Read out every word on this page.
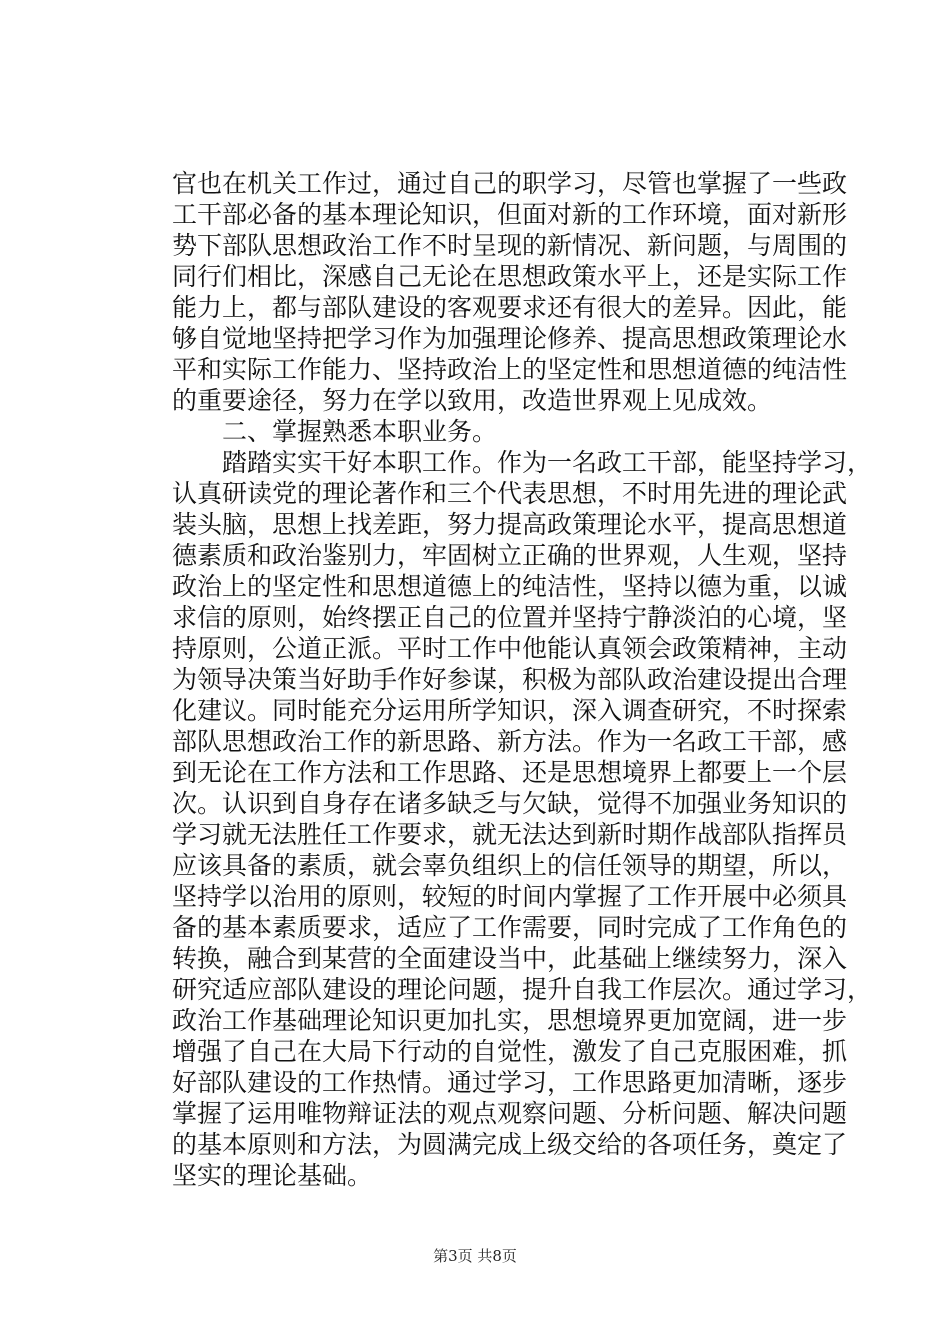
官也在机关工作过，通过自己的职学习，尽管也掌握了一些政
工干部必备的基本理论知识，但面对新的工作环境，面对新形
势下部队思想政治工作不时呈现的新情况、新问题，与周围的
同行们相比，深感自己无论在思想政策水平上，还是实际工作
能力上，都与部队建设的客观要求还有很大的差异。因此，能
够自觉地坚持把学习作为加强理论修养、提高思想政策理论水
平和实际工作能力、坚持政治上的坚定性和思想道德的纯洁性
的重要途径，努力在学以致用，改造世界观上见成效。
　　二、掌握熟悉本职业务。
　　踏踏实实干好本职工作。作为一名政工干部，能坚持学习，
认真研读党的理论著作和三个代表思想，不时用先进的理论武
装头脑，思想上找差距，努力提高政策理论水平，提高思想道
德素质和政治鉴别力，牢固树立正确的世界观，人生观，坚持
政治上的坚定性和思想道德上的纯洁性，坚持以德为重，以诚
求信的原则，始终摆正自己的位置并坚持宁静淡泊的心境，坚
持原则，公道正派。平时工作中他能认真领会政策精神，主动
为领导决策当好助手作好参谋，积极为部队政治建设提出合理
化建议。同时能充分运用所学知识，深入调查研究，不时探索
部队思想政治工作的新思路、新方法。作为一名政工干部，感
到无论在工作方法和工作思路、还是思想境界上都要上一个层
次。认识到自身存在诸多缺乏与欠缺，觉得不加强业务知识的
学习就无法胜任工作要求，就无法达到新时期作战部队指挥员
应该具备的素质，就会辜负组织上的信任领导的期望，所以，
坚持学以治用的原则，较短的时间内掌握了工作开展中必须具
备的基本素质要求，适应了工作需要，同时完成了工作角色的
转换，融合到某营的全面建设当中，此基础上继续努力，深入
研究适应部队建设的理论问题，提升自我工作层次。通过学习，
政治工作基础理论知识更加扎实，思想境界更加宽阔，进一步
增强了自己在大局下行动的自觉性，激发了自己克服困难，抓
好部队建设的工作热情。通过学习，工作思路更加清晰，逐步
掌握了运用唯物辩证法的观点观察问题、分析问题、解决问题
的基本原则和方法，为圆满完成上级交给的各项任务，奠定了
坚实的理论基础。
第3页 共8页
